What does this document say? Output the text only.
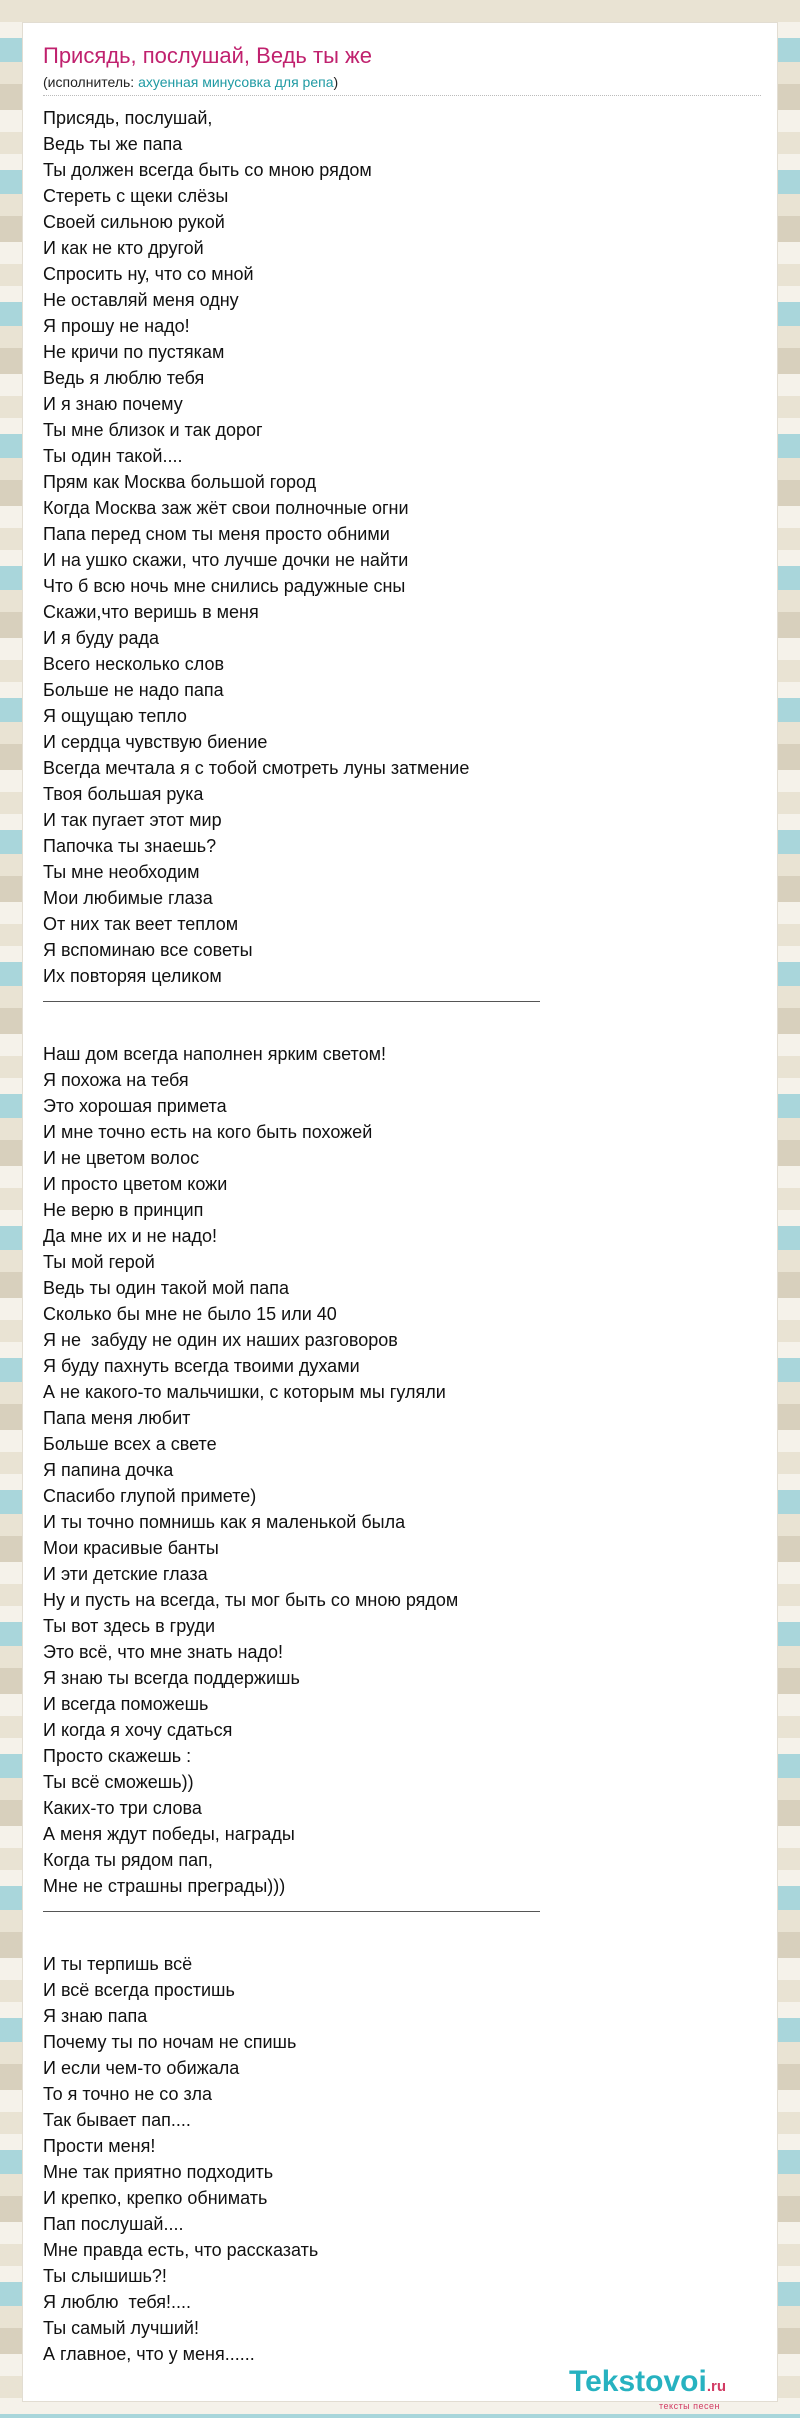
Присядь, послушай, Ведь ты же
(исполнитель: ахуенная минусовка для репа)
Присядь, послушай,
Ведь ты же папа
Ты должен всегда быть со мною рядом
Стереть с щеки слёзы
Своей сильною рукой
И как не кто другой
Спросить ну, что со мной
Не оставляй меня одну
Я прошу не надо!
Не кричи по пустякам
Ведь я люблю тебя
И я знаю почему
Ты мне близок и так дорог
Ты один такой....
Прям как Москва большой город
Когда Москва заж жёт свои полночные огни
Папа перед сном ты меня просто обними
И на ушко скажи, что лучше дочки не найти
Что б всю ночь мне снились радужные сны
Скажи,что веришь в меня
И я буду рада
Всего несколько слов
Больше не надо папа
Я ощущаю тепло
И сердца чувствую биение
Всегда мечтала я с тобой смотреть луны затмение
Твоя большая рука
И так пугает этот мир
Папочка ты знаешь?
Ты мне необходим
Мои любимые глаза
От них так веет теплом
Я вспоминаю все советы
Их повторяя целиком
Наш дом всегда наполнен ярким светом!
Я похожа на тебя
Это хорошая примета
И мне точно есть на кого быть похожей
И не цветом волос
И просто цветом кожи
Не верю в принцип
Да мне их и не надо!
Ты мой герой
Ведь ты один такой мой папа
Сколько бы мне не было 15 или 40
Я не  забуду не один их наших разговоров
Я буду пахнуть всегда твоими духами
А не какого-то мальчишки, с которым мы гуляли
Папа меня любит
Больше всех а свете
Я папина дочка
Спасибо глупой примете)
И ты точно помнишь как я маленькой была
Мои красивые банты
И эти детские глаза
Ну и пусть на всегда, ты мог быть со мною рядом
Ты вот здесь в груди
Это всё, что мне знать надо!
Я знаю ты всегда поддержишь
И всегда поможешь
И когда я хочу сдаться
Просто скажешь :
Ты всё сможешь))
Каких-то три слова
А меня ждут победы, награды
Когда ты рядом пап,
Мне не страшны преграды)))
И ты терпишь всё
И всё всегда простишь
Я знаю папа
Почему ты по ночам не спишь
И если чем-то обижала
То я точно не со зла
Так бывает пап....
Прости меня!
Мне так приятно подходить
И крепко, крепко обнимать
Пап послушай....
Мне правда есть, что рассказать
Ты слышишь?!
Я люблю  тебя!....
Ты самый лучший!
А главное, что у меня......
Tekstovoi.ru
тексты песен
